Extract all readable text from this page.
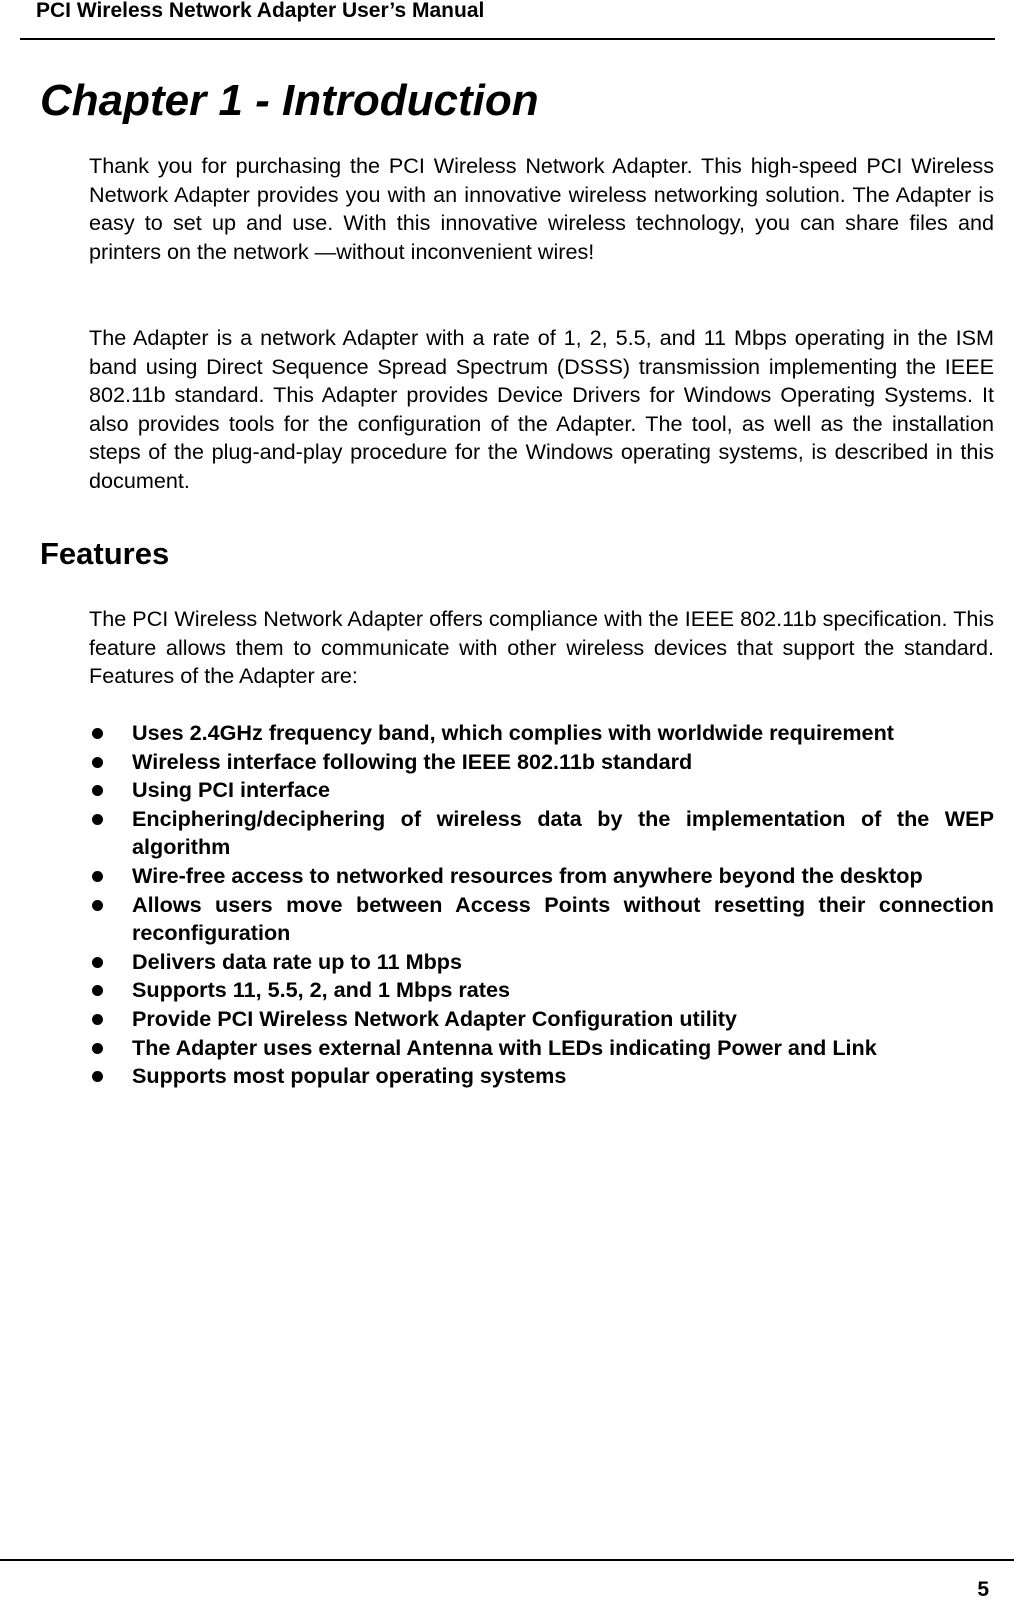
PCI Wireless Network Adapter User’s Manual
Chapter 1 - Introduction

Thank you for purchasing the PCI Wireless Network Adapter. This high-speed PCI Wireless Network Adapter provides you with an innovative wireless networking solution. The Adapter is easy to set up and use. With this innovative wireless technology, you can share files and printers on the network —without inconvenient wires!

The Adapter is a network Adapter with a rate of 1, 2, 5.5, and 11 Mbps operating in the ISM band using Direct Sequence Spread Spectrum (DSSS) transmission implementing the IEEE 802.11b standard. This Adapter provides Device Drivers for Windows Operating Systems. It also provides tools for the configuration of the Adapter. The tool, as well as the installation steps of the plug-and-play procedure for the Windows operating systems, is described in this document.

Features

The PCI Wireless Network Adapter offers compliance with the IEEE 802.11b specification. This feature allows them to communicate with other wireless devices that support the standard. Features of the Adapter are:

Uses 2.4GHz frequency band, which complies with worldwide requirement
Wireless interface following the IEEE 802.11b standard
Using PCI interface
Enciphering/deciphering of wireless data by the implementation of the WEP algorithm
Wire-free access to networked resources from anywhere beyond the desktop
Allows users move between Access Points without resetting their connection reconfiguration
Delivers data rate up to 11 Mbps
Supports 11, 5.5, 2, and 1 Mbps rates
Provide PCI Wireless Network Adapter Configuration utility
The Adapter uses external Antenna with LEDs indicating Power and Link
Supports most popular operating systems
5
